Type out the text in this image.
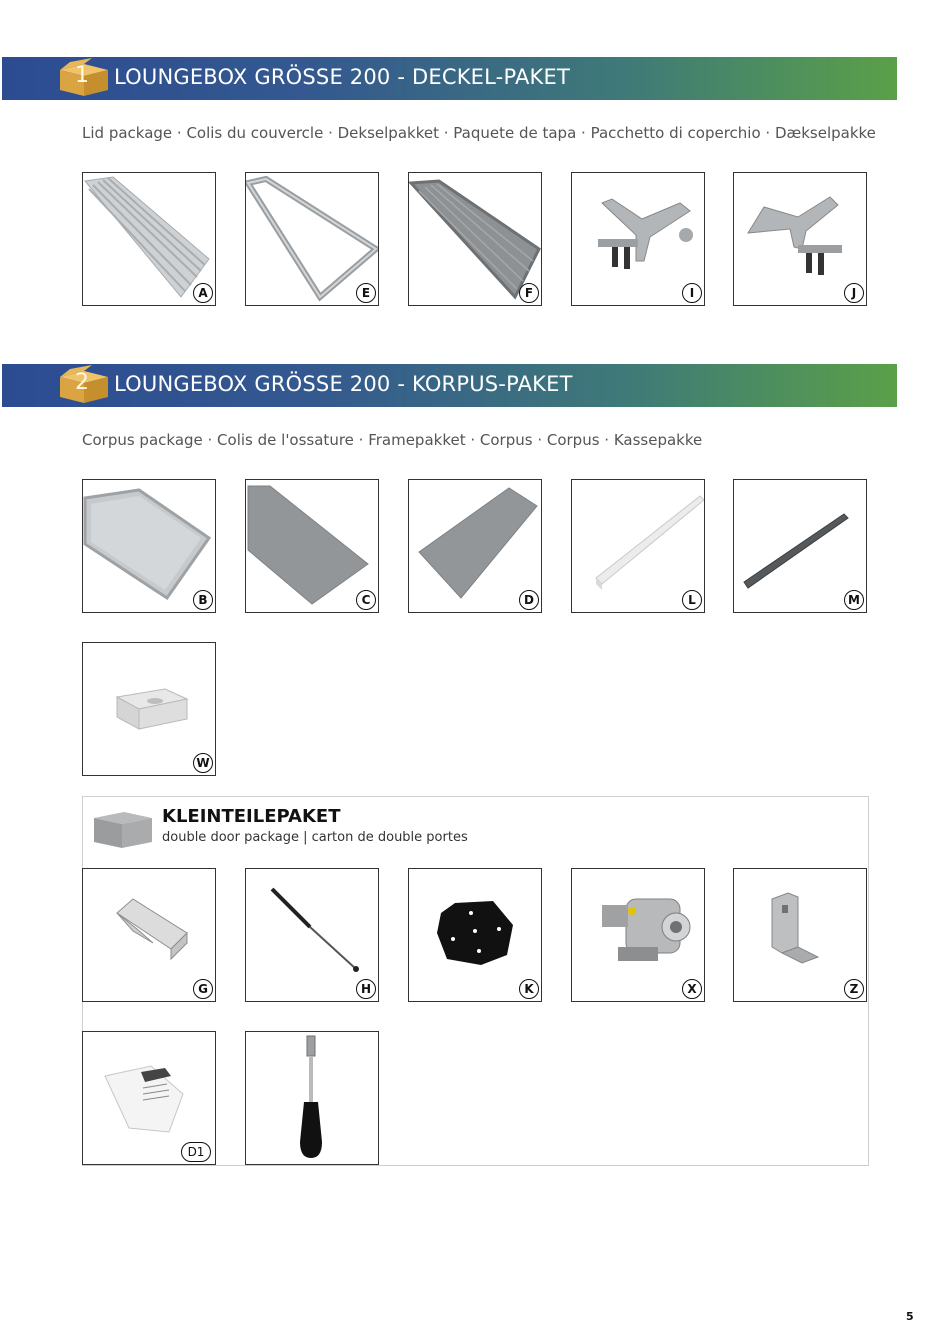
1 LOUNGEBOX GRÖSSE 200 - DECKEL-PAKET
Lid package · Colis du couvercle · Dekselpakket · Paquete de tapa · Pacchetto di coperchio · Dækselpakke
A	E	F	I	J
2 LOUNGEBOX GRÖSSE 200 - KORPUS-PAKET
Corpus package · Colis de l'ossature · Framepakket · Corpus · Corpus · Kassepakke
B	C	D	L	M
W
KLEINTEILEPAKET
double door package | carton de double portes
G	H	K	X	Z
D1
5
